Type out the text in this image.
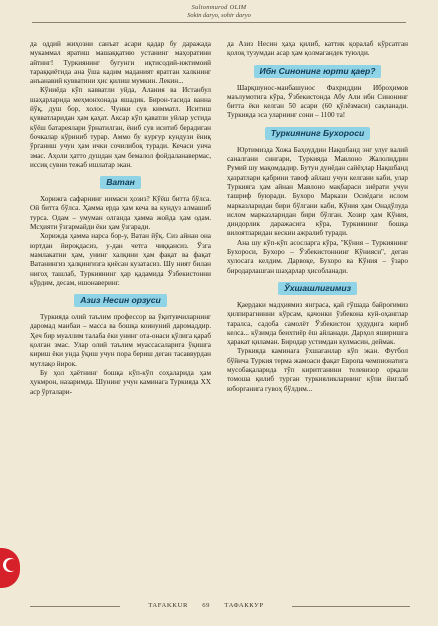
Sultonmurod OLIM
Sokin daryo, sohir daryo

да оддий жиҳозни санъат асари қадар бу даражада мукаммал яратиш машаққатию устанинг маҳоратини айтинг! Туркиянинг бугунги иқтисодий-ижтимоий тараққиётида ана ўша кадим маданият яратган халкнинг анъанавий кувватини ҳис қилиш мумкин. Лекин...

Кўниёда кўп кавватли уйда, Алания ва Истанбул шаҳарларида меҳмонхонада яшадик. Бирон-тасида ванна йўқ, душ бор, холос. Чунки сув кимматл. Иситиш қувватларидан ҳам қаҳат. Аксар кўп қаватли уйлар устида кўёш батареялари ўрнатилган, ёниб сув иситиб берадиган бочкалар кўриниб турар. Аммо бу курғур кундузи ёниқ ўрганиш учун ҳам ички сочилибоқ туради. Кечаси унча змас. Аҳоли ҳатто душдан ҳам бемалол фойдаланавермас, иссиқ сувни тежаб ишлатар экан.

Ватан

Хорижга сафарнинг нимаси ҳозиз? Кўёш битта бўлса. Ой битта бўлса. Ҳамма ерда ҳам кеча ва кундуз алмашиб турса. Одам – умуман олганда ҳамма жойда ҳам одам. Мсҳияти ўзгармайди ёки ҳам ўзгаради.

Хорижда ҳамма нарса бор-у, Ватан йўқ. Сиз айнан она юртдан йироқдасиз, у-дан четга чиққансиз. Ўзга мамлакатни ҳам, унинг халқини ҳам фақат ва фақат Ватанингиз ҳалқингизга қиёсан кузатасиз. Шу ният билан нигоҳ ташлаб, Туркиянинг ҳар қадамида Ўзбекистонни кўрдим, десам, ишонаверинг.

Азиз Несин орзуси

Туркияда олий таълим профессор ва ўқитувчиларнинг даромад манбаи – масса ва бошқа коинуний даромаддир. Ҳеч бир муаллим талаба ёки унинг ота-онаси қўлига қараб қолган змас. Улар олий таълим муассасаларига ўқишга кириш ёки унда ўқиш учун пора бериш деган тасаввурдан мутлақо йирок.

Бу ҳол ҳаётнинг бошқа кўп-кўп соҳаларида ҳам ҳукмрон, назаримда. Шунинг учун каминага Туркияда XX аср ўрталари-

да Азиз Несин ҳаҳа қилиб, каттик қоралаб кўрсатган қолоқ тузумдан асар ҳам қолмагандек туюлди.

Ибн Синонинг юрти қаер?

Шарқшунос-манбашунос Фахриддин Иброҳимов маълумотига кўра, Ўзбекистонда Абу Али ибн Синонинг битта ёки келган 50 асари (60 қўлёзмаси) сақланади. Туркияда эса уларнинг сони – 1100 та!

Туркиянинг Бухороси

Юртимизда Хожа Баҳоуддин Нақшбанд энг улуғ валий саналгани сингари, Туркияда Мавлоно Жалолиддин Румий шу мақомдадир. Бутун дунёдан сайёҳлар Нақшбанд ҳазратлари қабрини тавоф айлаш учун келгани каби, улар Туркияга ҳам айнан Мавлоно мақбараси зиёрати учун ташриф буюради. Бухоро Маркази Осиёдаги ислом марказларидан бири бўлгани каби, Кўния ҳам Онадўлуда ислом марказларидан бири бўлган. Хозир ҳам Кўния, диндорлик даражасига кўра, Туркиянинг бошқа вилоятларидан кескин ажралиб туради.

Ана шу кўп-кўп асосларга кўра, "Кўния – Туркиянинг Бухороси, Бухоро – Ўзбекистоннинг Кўнияси", деган хулосага келдим. Дарвоқе, Бухоро ва Кўния – ўзаро биродарлашган шаҳарлар ҳисобланади.

Ўхшашлигимиз

Қаердаки мадҳиямиз янграса, қай гўшада байроғимиз ҳилпирагнинни кўрсам, қачонки ўзбекона куй-оҳанглар таралса, садоба самолёт Ўзбекистон ҳудудига кириб келса... кўзимда беихтиёр ёш айланади. Дарҳол яширишга ҳаракат қиламан. Биродар устимдан кулмасин, деймак.

Туркияда каминага ўхшаганлар кўп экан. Футбол бўйича Туркия терма жамоаси фақат Европа чемпионатига мусобақаларида тўп киритганини телевизор орқали томоша қилиб турган туркияликларнинг кўпи йиғлаб юборганига гувоҳ бўлдим...

TAFAKKUR 69 ТАФАККУР
